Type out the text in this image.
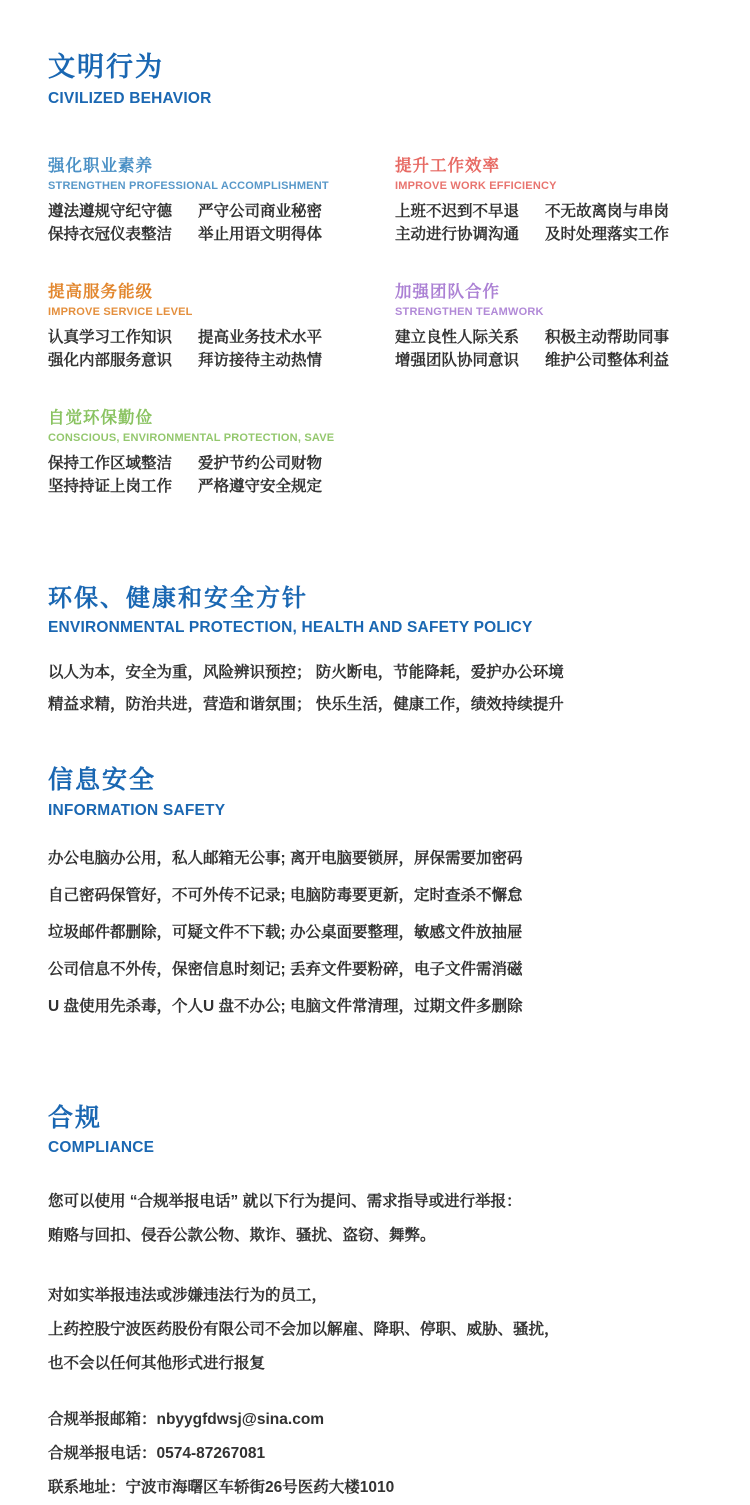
文明行为
CIVILIZED BEHAVIOR
强化职业素养
STRENGTHEN PROFESSIONAL ACCOMPLISHMENT
遵法遵规守纪守德 严守公司商业秘密
保持衣冠仪表整洁 举止用语文明得体
提升工作效率
IMPROVE WORK EFFICIENCY
上班不迟到不早退 不无故离岗与串岗
主动进行协调沟通 及时处理落实工作
提高服务能级
IMPROVE SERVICE LEVEL
认真学习工作知识 提高业务技术水平
强化内部服务意识 拜访接待主动热情
加强团队合作
STRENGTHEN TEAMWORK
建立良性人际关系 积极主动帮助同事
增强团队协同意识 维护公司整体利益
自觉环保勤俭
CONSCIOUS, ENVIRONMENTAL PROTECTION, SAVE
保持工作区域整洁 爱护节约公司财物
坚持持证上岗工作 严格遵守安全规定
环保、健康和安全方针
ENVIRONMENTAL PROTECTION, HEALTH AND SAFETY POLICY
以人为本，安全为重，风险辨识预控； 防火断电，节能降耗，爱护办公环境
精益求精，防治共进，营造和谐氛围； 快乐生活，健康工作，绩效持续提升
信息安全
INFORMATION SAFETY
办公电脑办公用，私人邮箱无公事; 离开电脑要锁屏，屏保需要加密码
自己密码保管好，不可外传不记录; 电脑防毒要更新，定时查杀不懈怠
垃圾邮件都删除，可疑文件不下载; 办公桌面要整理，敏感文件放抽屉
公司信息不外传，保密信息时刻记; 丢弃文件要粉碎，电子文件需消磁
U 盘使用先杀毒，个人U 盘不办公; 电脑文件常清理，过期文件多删除
合规
COMPLIANCE
您可以使用 “合规举报电话” 就以下行为提问、需求指导或进行举报：
贿赂与回扣、侵吞公款公物、欺诈、骚扰、盗窃、舞弊。
对如实举报违法或涉嫌违法行为的员工，
上药控股宁波医药股份有限公司不会加以解雇、降职、停职、威胁、骚扰，
也不会以任何其他形式进行报复
合规举报邮箱：nbyygfdwsj@sina.com
合规举报电话：0574-87267081
联系地址：宁波市海曙区车轿街26号医药大楼1010
